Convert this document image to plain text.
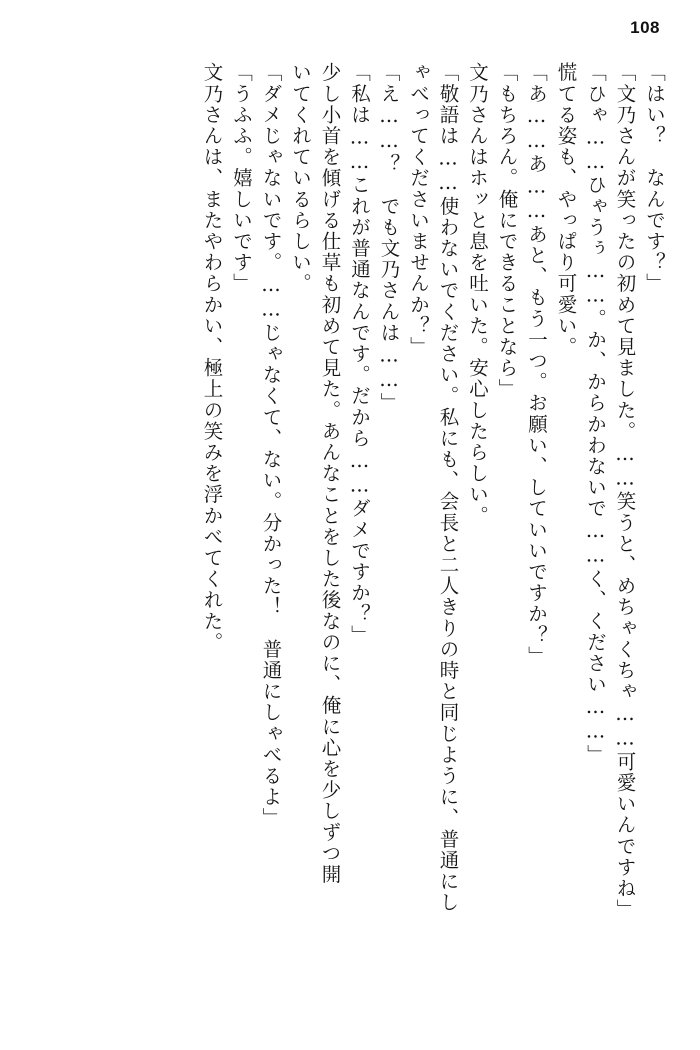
108
「はい？　なんです？」
「文乃さんが笑ったの初めて見ました。……笑うと、めちゃくちゃ……可愛いんですね」
「ひゃ……ひゃうぅ……。か、からかわないで……く、ください……」
慌てる姿も、やっぱり可愛い。
「あ……あ……あと、もう一つ。お願い、していいですか？」
「もちろん。俺にできることなら」
文乃さんはホッと息を吐いた。安心したらしい。
「敬語は……使わないでください。私にも、会長と二人きりの時と同じように、普通にし
ゃべってくださいませんか？」
「え……？　でも文乃さんは……」
「私は……これが普通なんです。だから……ダメですか？」
少し小首を傾げる仕草も初めて見た。あんなことをした後なのに、俺に心を少しずつ開
いてくれているらしい。
「ダメじゃないです。……じゃなくて、ない。分かった！　普通にしゃべるよ」
「うふふ。嬉しいです」
文乃さんは、またやわらかい、極上の笑みを浮かべてくれた。
